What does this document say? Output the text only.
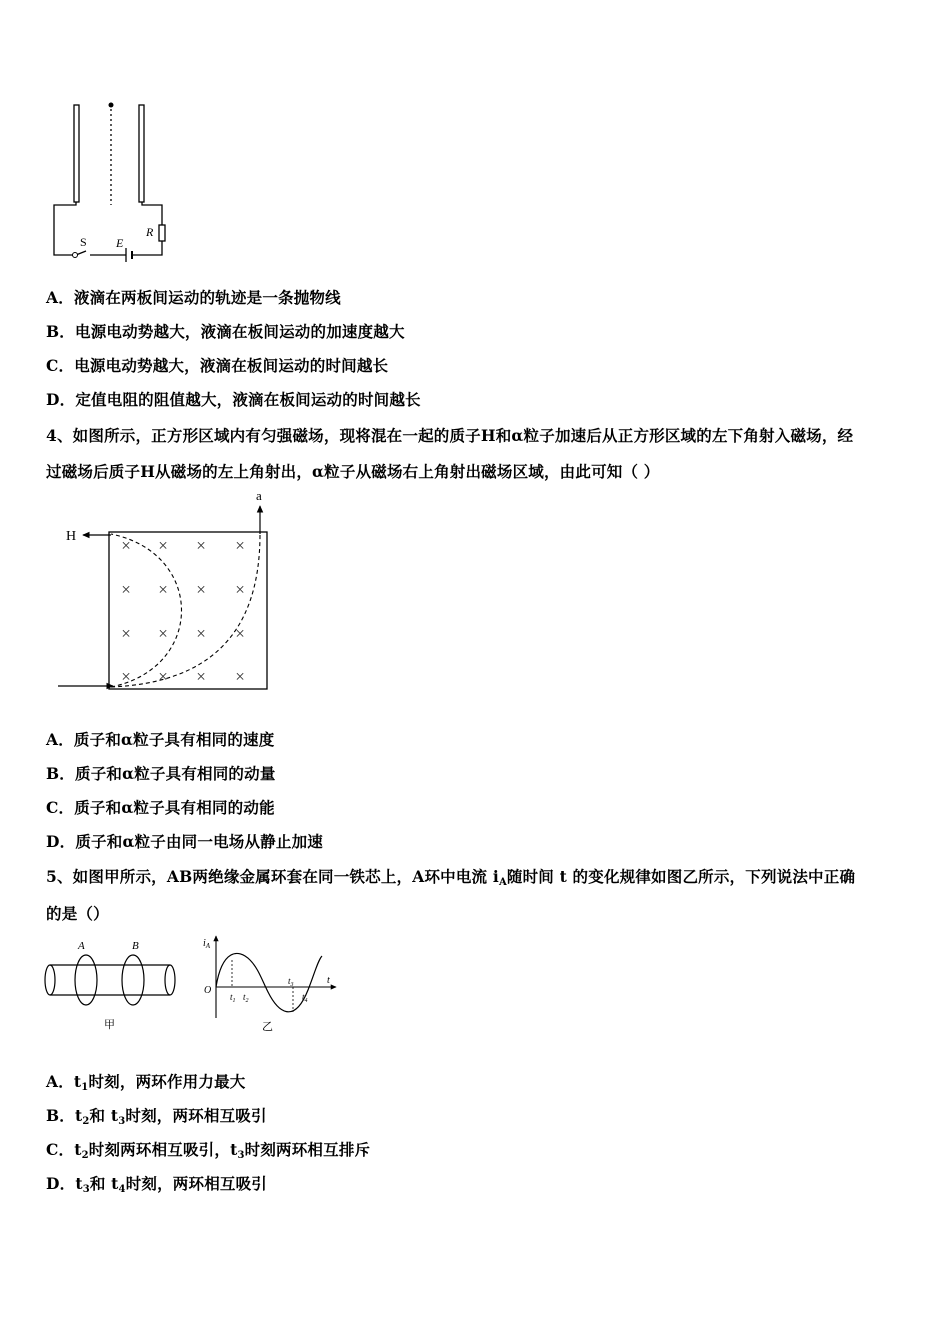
S E
R
A．液滴在两板间运动的轨迹是一条抛物线
B．电源电动势越大，液滴在板间运动的加速度越大
C．电源电动势越大，液滴在板间运动的时间越长
D．定值电阻的阻值越大，液滴在板间运动的时间越长
4、如图所示，正方形区域内有匀强磁场，现将混在一起的质子H和α粒子加速后从正方形区域的左下角射入磁场，经
过磁场后质子H从磁场的左上角射出，α粒子从磁场右上角射出磁场区域，由此可知（ ）
H
a
× × × ×
× × × ×
× × × ×
× × × ×
A．质子和α粒子具有相同的速度
B．质子和α粒子具有相同的动量
C．质子和α粒子具有相同的动能
D．质子和α粒子由同一电场从静止加速
5、如图甲所示，AB两绝缘金属环套在同一铁芯上，A环中电流 $i_A$随时间 t 的变化规律如图乙所示，下列说法中正确
的是（）
A	B
甲
$i_A$
t
O
$t_1$ $t_2$
$t_3$
$t_4$
乙
A．$t_1$时刻，两环作用力最大
B．$t_2$和 $t_3$时刻，两环相互吸引
C．$t_2$时刻两环相互吸引，$t_3$时刻两环相互排斥
D．$t_3$和 $t_4$时刻，两环相互吸引
